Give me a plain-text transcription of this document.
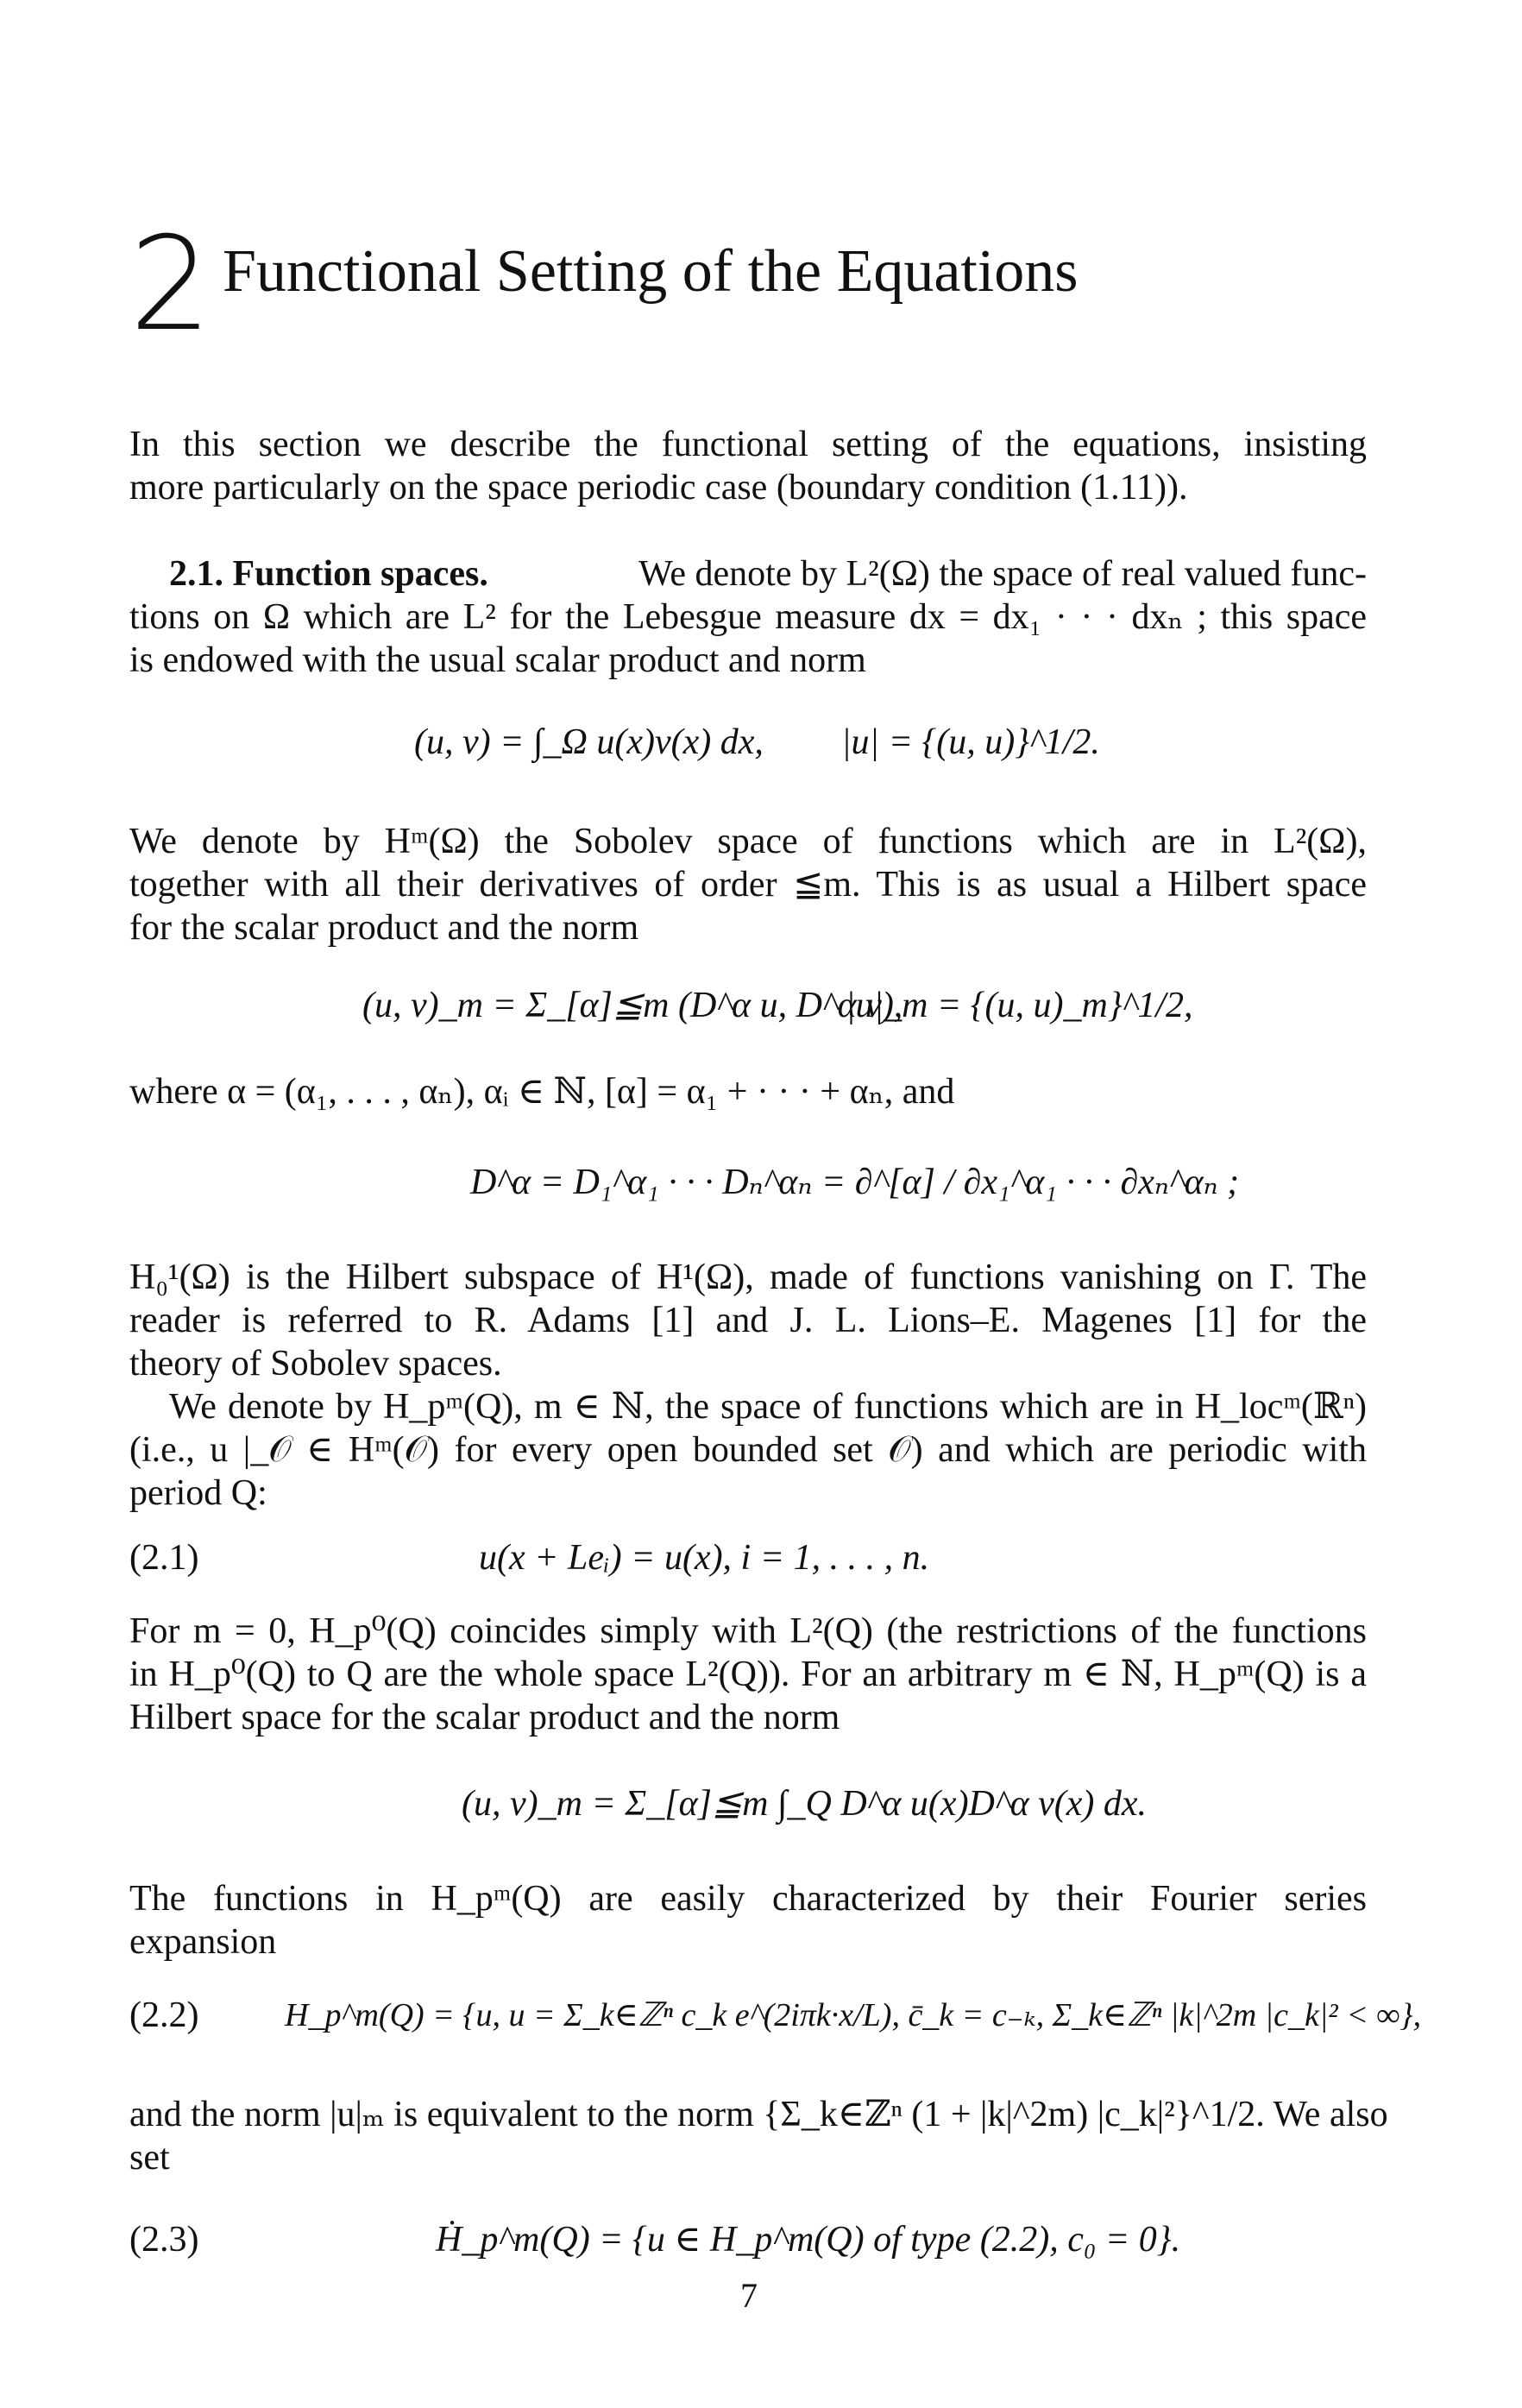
2 Functional Setting of the Equations
In this section we describe the functional setting of the equations, insisting
more particularly on the space periodic case (boundary condition (1.11)).
2.1. Function spaces.	We denote by L²(Ω) the space of real valued func-
tions on Ω which are L² for the Lebesgue measure dx = dx₁ · · · dxₙ ; this space
is endowed with the usual scalar product and norm
(u, v) = ∫_Ω u(x)v(x) dx, |u| = {(u, u)}^1/2.
We denote by Hᵐ(Ω) the Sobolev space of functions which are in L²(Ω),
together with all their derivatives of order ≦m. This is as usual a Hilbert space
for the scalar product and the norm
(u, v)_m = Σ_[α]≦m (D^α u, D^α v),
|u|_m = {(u, u)_m}^1/2,
where α = (α₁, . . . , αₙ), αᵢ ∈ ℕ, [α] = α₁ + · · · + αₙ, and
D^α = D₁^α₁ · · · Dₙ^αₙ = ∂^[α] / ∂x₁^α₁ · · · ∂xₙ^αₙ ;
H₀¹(Ω) is the Hilbert subspace of H¹(Ω), made of functions vanishing on Γ. The
reader is referred to R. Adams [1] and J. L. Lions–E. Magenes [1] for the
theory of Sobolev spaces.
We denote by H_pᵐ(Q), m ∈ ℕ, the space of functions which are in H_locᵐ(ℝⁿ)
(i.e., u |_𝒪 ∈ Hᵐ(𝒪) for every open bounded set 𝒪) and which are periodic with
period Q:
(2.1)	u(x + Leᵢ) = u(x), i = 1, . . . , n.
For m = 0, H_p⁰(Q) coincides simply with L²(Q) (the restrictions of the functions
in H_p⁰(Q) to Q are the whole space L²(Q)). For an arbitrary m ∈ ℕ, H_pᵐ(Q) is a
Hilbert space for the scalar product and the norm
(u, v)_m = Σ_[α]≦m ∫_Q D^α u(x)D^α v(x) dx.
The functions in H_pᵐ(Q) are easily characterized by their Fourier series
expansion
(2.2)	H_p^m(Q) = {u, u = Σ_k∈ℤⁿ c_k e^(2iπk·x/L), c̄_k = c₋ₖ, Σ_k∈ℤⁿ |k|^2m |c_k|² < ∞},
and the norm |u|ₘ is equivalent to the norm {Σ_k∈ℤⁿ (1 + |k|^2m) |c_k|²}^1/2. We also
set
(2.3)	Ḣ_p^m(Q) = {u ∈ H_p^m(Q) of type (2.2), c₀ = 0}.
7
